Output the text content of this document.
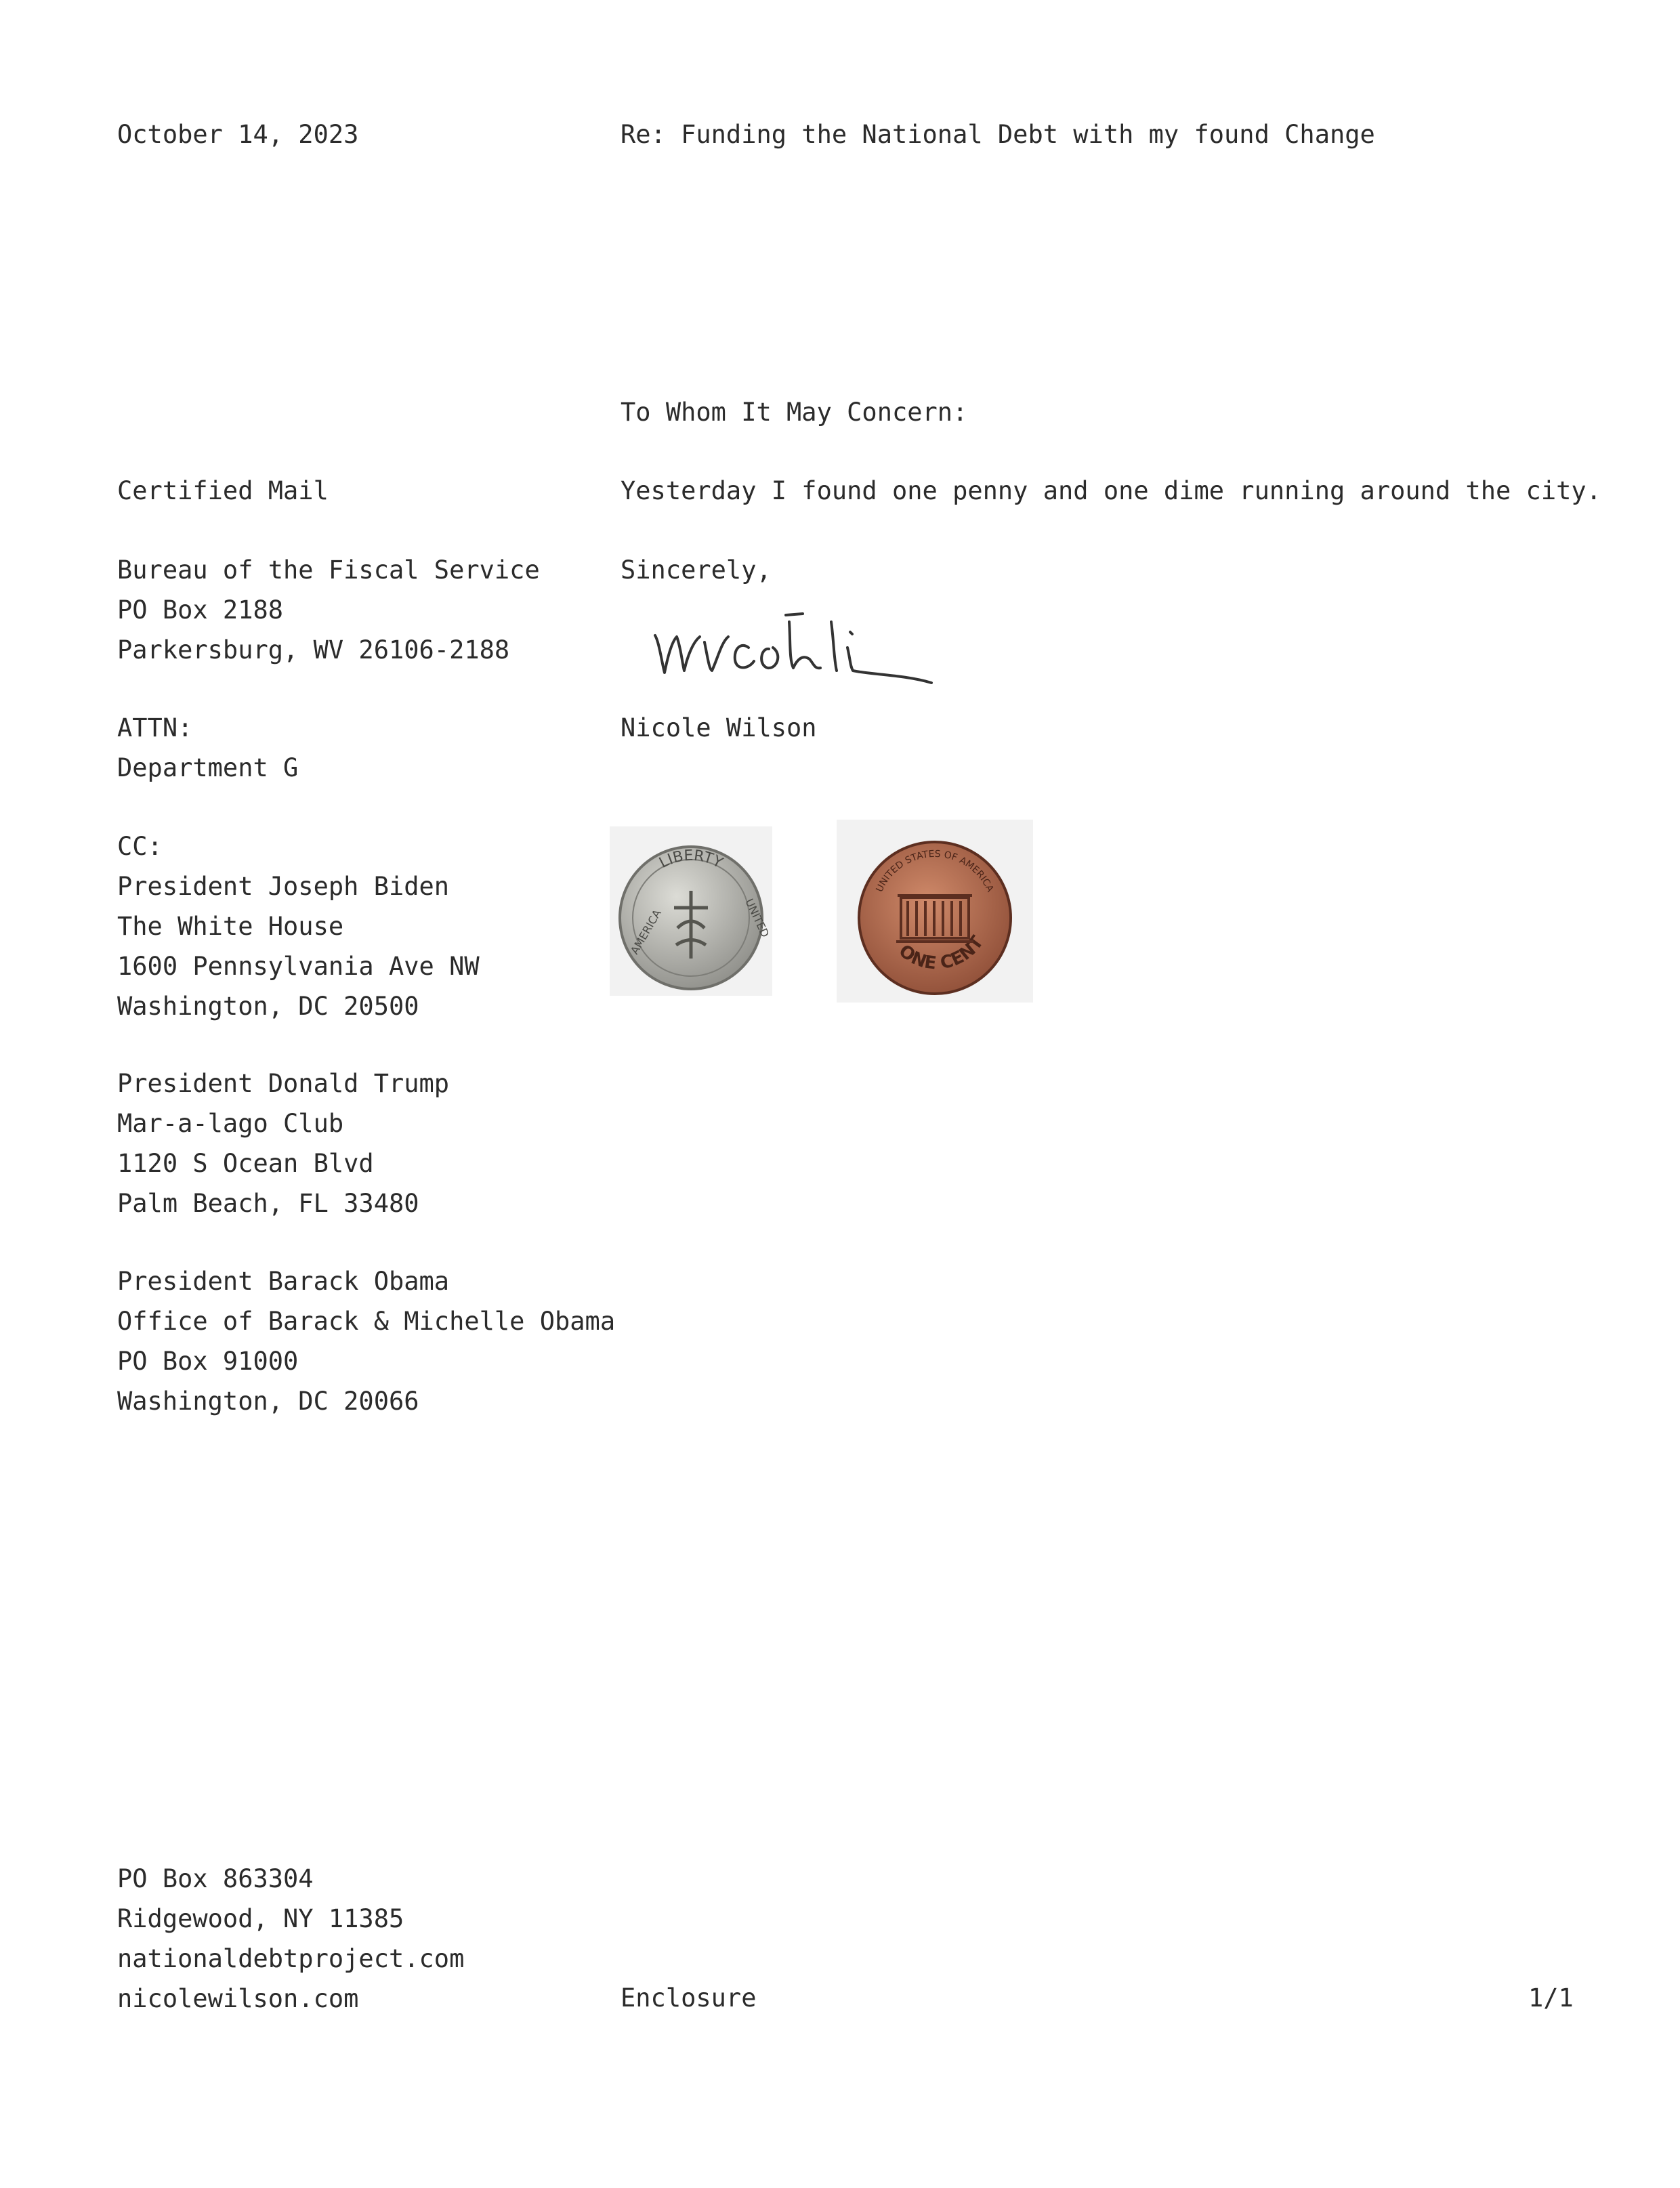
October 14, 2023	Re: Funding the National Debt with my found Change
To Whom It May Concern:
Yesterday I found one penny and one dime running around the city.
Sincerely,
Nicole Wilson
LIBERTY
AMERICA	UNITED
UNITED STATES OF AMERICA
ONE CENT
Certified Mail
Bureau of the Fiscal Service
PO Box 2188
Parkersburg, WV 26106-2188
ATTN:
Department G
CC:
President Joseph Biden
The White House
1600 Pennsylvania Ave NW
Washington, DC 20500
President Donald Trump
Mar-a-lago Club
1120 S Ocean Blvd
Palm Beach, FL 33480
President Barack Obama
Office of Barack & Michelle Obama
PO Box 91000
Washington, DC 20066
PO Box 863304
Ridgewood, NY 11385
nationaldebtproject.com
nicolewilson.com	Enclosure	1/1
